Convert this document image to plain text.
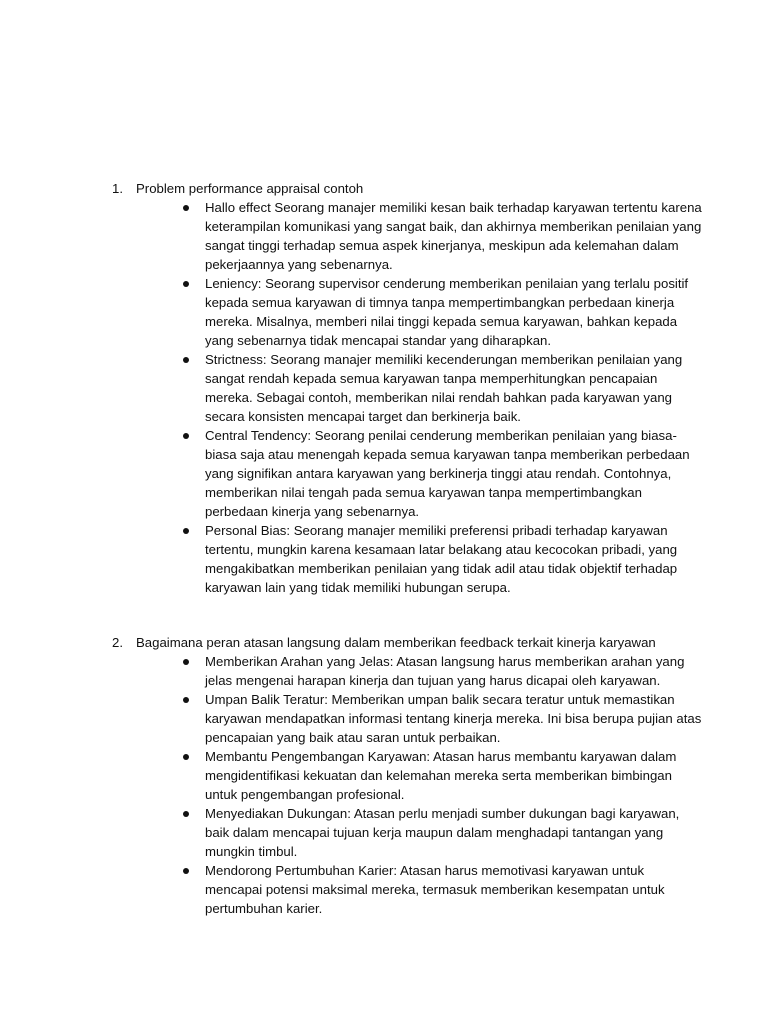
1. Problem performance appraisal contoh
Hallo effect Seorang manajer memiliki kesan baik terhadap karyawan tertentu karena keterampilan komunikasi yang sangat baik, dan akhirnya memberikan penilaian yang sangat tinggi terhadap semua aspek kinerjanya, meskipun ada kelemahan dalam pekerjaannya yang sebenarnya.
Leniency: Seorang supervisor cenderung memberikan penilaian yang terlalu positif kepada semua karyawan di timnya tanpa mempertimbangkan perbedaan kinerja mereka. Misalnya, memberi nilai tinggi kepada semua karyawan, bahkan kepada yang sebenarnya tidak mencapai standar yang diharapkan.
Strictness: Seorang manajer memiliki kecenderungan memberikan penilaian yang sangat rendah kepada semua karyawan tanpa memperhitungkan pencapaian mereka. Sebagai contoh, memberikan nilai rendah bahkan pada karyawan yang secara konsisten mencapai target dan berkinerja baik.
Central Tendency: Seorang penilai cenderung memberikan penilaian yang biasa-biasa saja atau menengah kepada semua karyawan tanpa memberikan perbedaan yang signifikan antara karyawan yang berkinerja tinggi atau rendah. Contohnya, memberikan nilai tengah pada semua karyawan tanpa mempertimbangkan perbedaan kinerja yang sebenarnya.
Personal Bias: Seorang manajer memiliki preferensi pribadi terhadap karyawan tertentu, mungkin karena kesamaan latar belakang atau kecocokan pribadi, yang mengakibatkan memberikan penilaian yang tidak adil atau tidak objektif terhadap karyawan lain yang tidak memiliki hubungan serupa.
2. Bagaimana peran atasan langsung dalam memberikan feedback terkait kinerja karyawan
Memberikan Arahan yang Jelas: Atasan langsung harus memberikan arahan yang jelas mengenai harapan kinerja dan tujuan yang harus dicapai oleh karyawan.
Umpan Balik Teratur: Memberikan umpan balik secara teratur untuk memastikan karyawan mendapatkan informasi tentang kinerja mereka. Ini bisa berupa pujian atas pencapaian yang baik atau saran untuk perbaikan.
Membantu Pengembangan Karyawan: Atasan harus membantu karyawan dalam mengidentifikasi kekuatan dan kelemahan mereka serta memberikan bimbingan untuk pengembangan profesional.
Menyediakan Dukungan: Atasan perlu menjadi sumber dukungan bagi karyawan, baik dalam mencapai tujuan kerja maupun dalam menghadapi tantangan yang mungkin timbul.
Mendorong Pertumbuhan Karier: Atasan harus memotivasi karyawan untuk mencapai potensi maksimal mereka, termasuk memberikan kesempatan untuk pertumbuhan karier.
